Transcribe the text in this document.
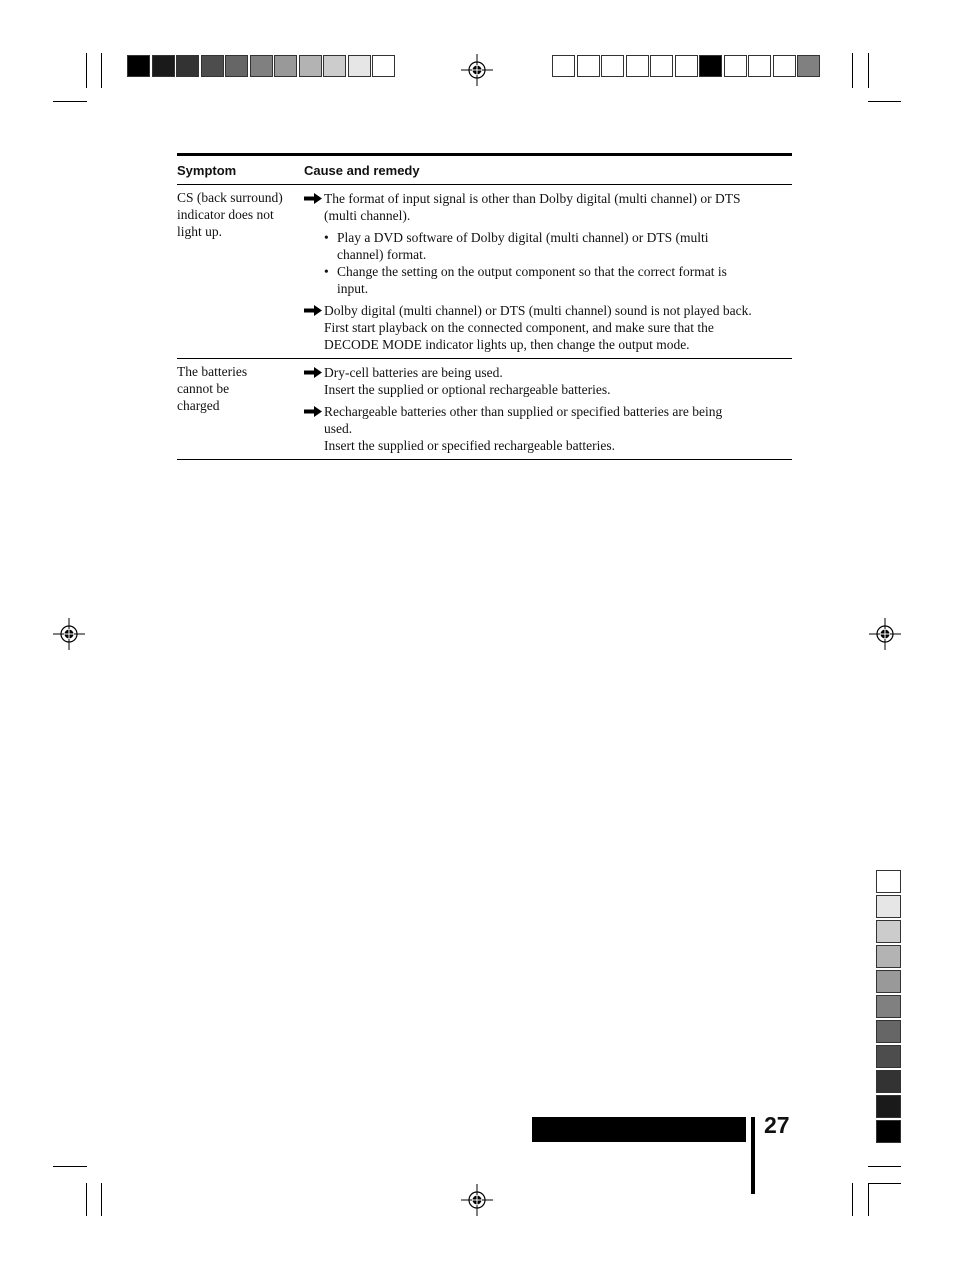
Symptom	Cause and remedy
CS (back surround)
indicator does not
light up.
The format of input signal is other than Dolby digital (multi channel) or DTS
(multi channel).
• Play a DVD software of Dolby digital (multi channel) or DTS (multi
channel) format.
• Change the setting on the output component so that the correct format is
input.
Dolby digital (multi channel) or DTS (multi channel) sound is not played back.
First start playback on the connected component, and make sure that the
DECODE MODE indicator lights up, then change the output mode.
The batteries
cannot be
charged
Dry-cell batteries are being used.
Insert the supplied or optional rechargeable batteries.
Rechargeable batteries other than supplied or specified batteries are being
used.
Insert the supplied or specified rechargeable batteries.
27
